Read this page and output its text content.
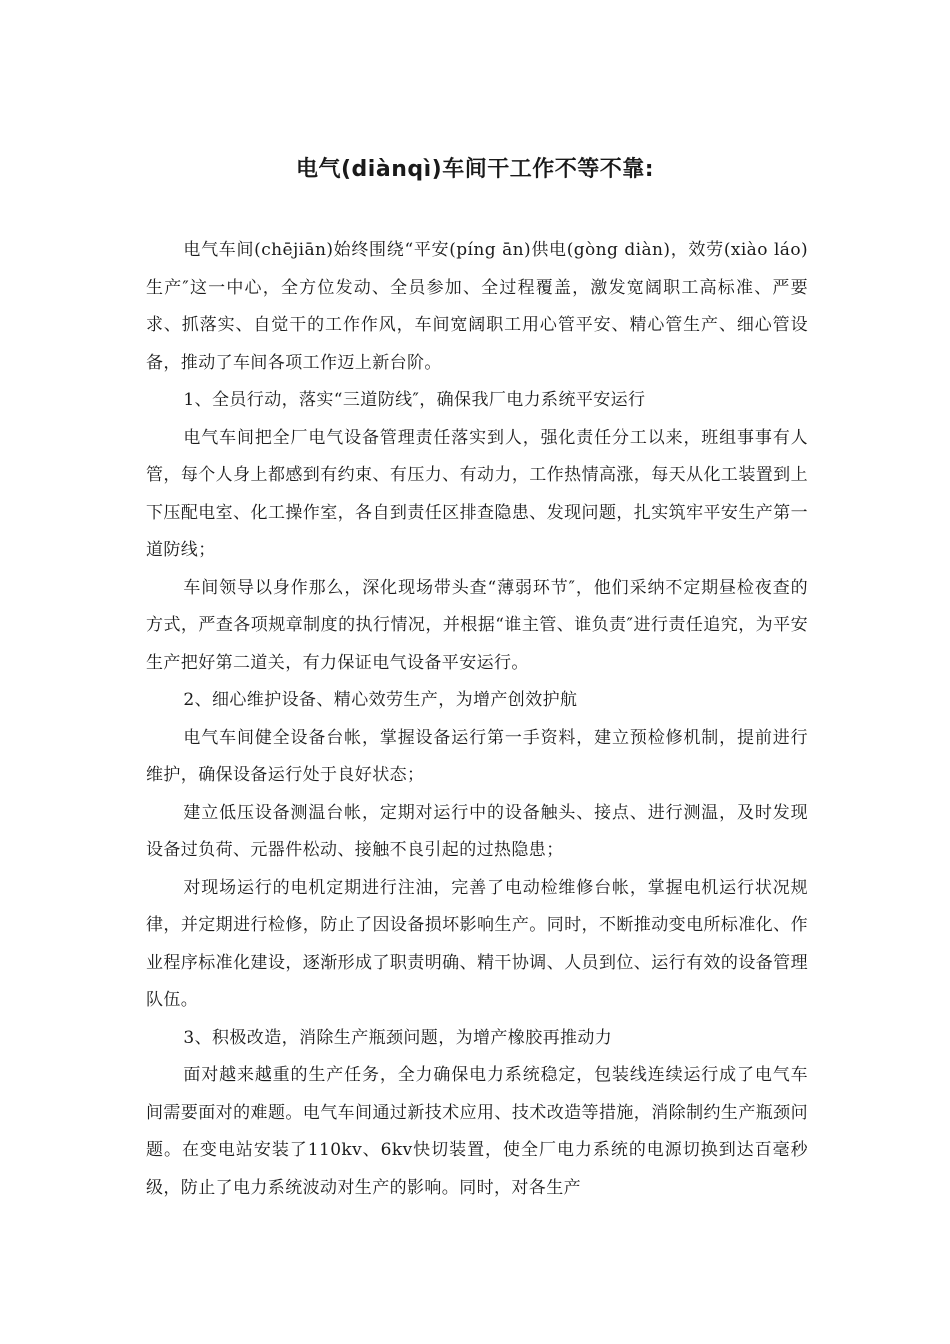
电气(diànqì)车间干工作不等不靠:

电气车间(chējiān)始终围绕“平安(píng ān)供电(gòng diàn)，效劳(xiào láo)生产″这一中心，全方位发动、全员参加、全过程覆盖，激发宽阔职工高标准、严要求、抓落实、自觉干的工作作风，车间宽阔职工用心管平安、精心管生产、细心管设备，推动了车间各项工作迈上新台阶。

1、全员行动，落实“三道防线″，确保我厂电力系统平安运行

电气车间把全厂电气设备管理责任落实到人，强化责任分工以来，班组事事有人管，每个人身上都感到有约束、有压力、有动力，工作热情高涨，每天从化工装置到上下压配电室、化工操作室，各自到责任区排查隐患、发现问题，扎实筑牢平安生产第一道防线；

车间领导以身作那么，深化现场带头查“薄弱环节″，他们采纳不定期昼检夜查的方式，严查各项规章制度的执行情况，并根据“谁主管、谁负责″进行责任追究，为平安生产把好第二道关，有力保证电气设备平安运行。

2、细心维护设备、精心效劳生产，为增产创效护航

电气车间健全设备台帐，掌握设备运行第一手资料，建立预检修机制，提前进行维护，确保设备运行处于良好状态；

建立低压设备测温台帐，定期对运行中的设备触头、接点、进行测温，及时发现设备过负荷、元器件松动、接触不良引起的过热隐患；

对现场运行的电机定期进行注油，完善了电动检维修台帐，掌握电机运行状况规律，并定期进行检修，防止了因设备损坏影响生产。同时，不断推动变电所标准化、作业程序标准化建设，逐渐形成了职责明确、精干协调、人员到位、运行有效的设备管理队伍。

3、积极改造，消除生产瓶颈问题，为增产橡胶再推动力

面对越来越重的生产任务，全力确保电力系统稳定，包装线连续运行成了电气车间需要面对的难题。电气车间通过新技术应用、技术改造等措施，消除制约生产瓶颈问题。在变电站安装了110kv、6kv快切装置，使全厂电力系统的电源切换到达百毫秒级，防止了电力系统波动对生产的影响。同时，对各生产
